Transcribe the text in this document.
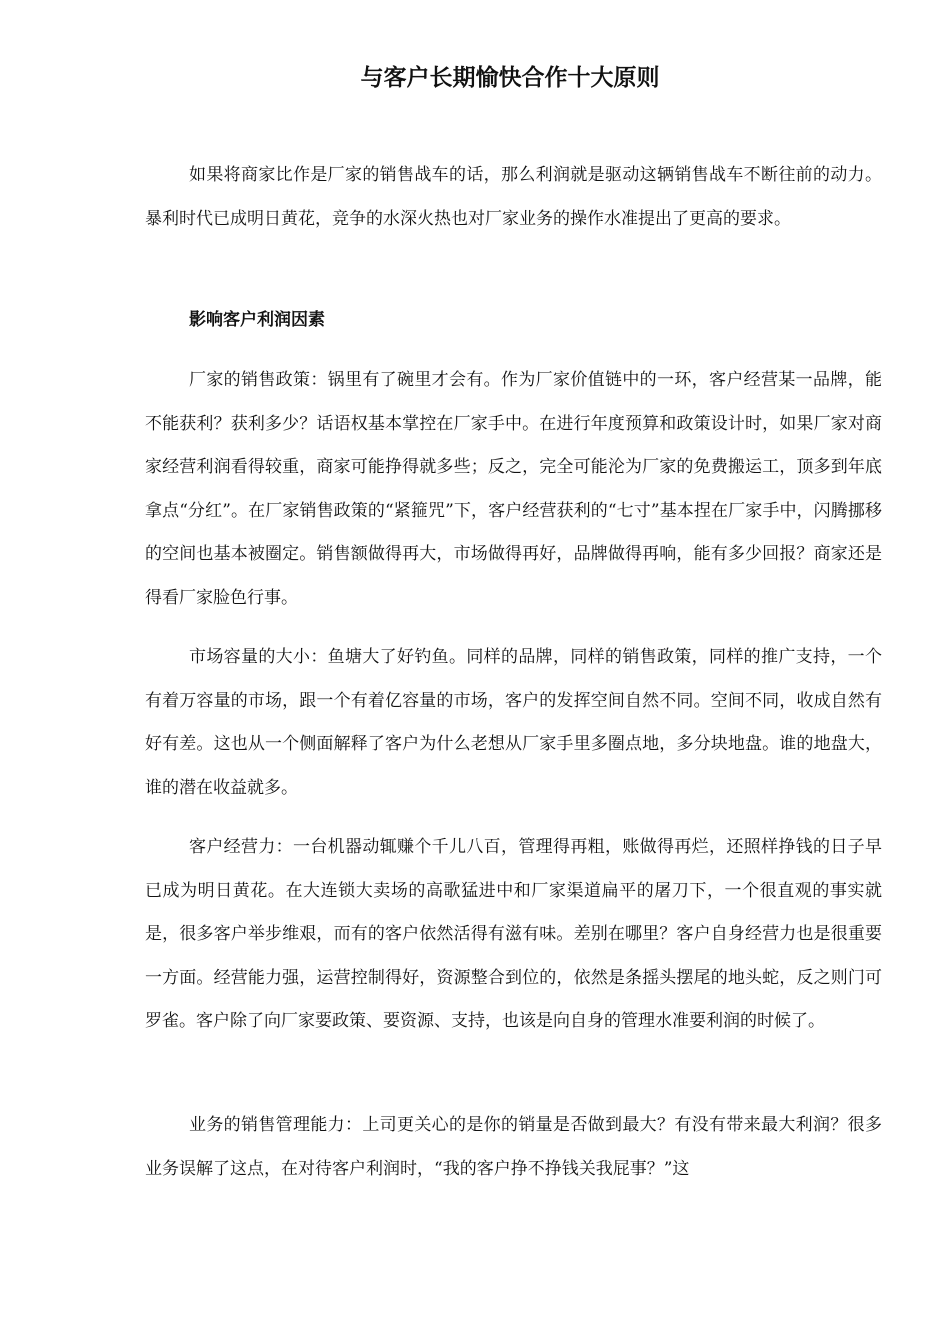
与客户长期愉快合作十大原则

如果将商家比作是厂家的销售战车的话，那么利润就是驱动这辆销售战车不断往前的动力。暴利时代已成明日黄花，竞争的水深火热也对厂家业务的操作水准提出了更高的要求。

影响客户利润因素

厂家的销售政策：锅里有了碗里才会有。作为厂家价值链中的一环，客户经营某一品牌，能不能获利？获利多少？话语权基本掌控在厂家手中。在进行年度预算和政策设计时，如果厂家对商家经营利润看得较重，商家可能挣得就多些；反之，完全可能沦为厂家的免费搬运工，顶多到年底拿点“分红”。在厂家销售政策的“紧箍咒”下，客户经营获利的“七寸”基本捏在厂家手中，闪腾挪移的空间也基本被圈定。销售额做得再大，市场做得再好，品牌做得再响，能有多少回报？商家还是得看厂家脸色行事。

市场容量的大小：鱼塘大了好钓鱼。同样的品牌，同样的销售政策，同样的推广支持，一个有着万容量的市场，跟一个有着亿容量的市场，客户的发挥空间自然不同。空间不同，收成自然有好有差。这也从一个侧面解释了客户为什么老想从厂家手里多圈点地，多分块地盘。谁的地盘大，谁的潜在收益就多。

客户经营力：一台机器动辄赚个千儿八百，管理得再粗，账做得再烂，还照样挣钱的日子早已成为明日黄花。在大连锁大卖场的高歌猛进中和厂家渠道扁平的屠刀下，一个很直观的事实就是，很多客户举步维艰，而有的客户依然活得有滋有味。差别在哪里？客户自身经营力也是很重要一方面。经营能力强，运营控制得好，资源整合到位的，依然是条摇头摆尾的地头蛇，反之则门可罗雀。客户除了向厂家要政策、要资源、支持，也该是向自身的管理水准要利润的时候了。

业务的销售管理能力：上司更关心的是你的销量是否做到最大？有没有带来最大利润？很多业务误解了这点，在对待客户利润时，“我的客户挣不挣钱关我屁事？”这
